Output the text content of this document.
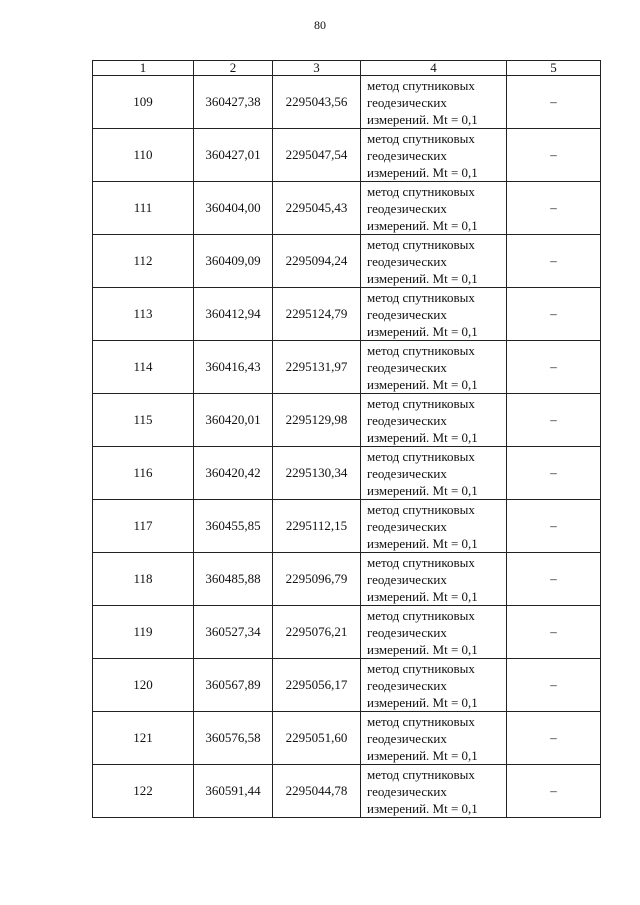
80
1	2	3	4	5
109	360427,38	2295043,56	метод спутниковых
геодезических
измерений. Mt = 0,1	–
110	360427,01	2295047,54	метод спутниковых
геодезических
измерений. Mt = 0,1	–
111	360404,00	2295045,43	метод спутниковых
геодезических
измерений. Mt = 0,1	–
112	360409,09	2295094,24	метод спутниковых
геодезических
измерений. Mt = 0,1	–
113	360412,94	2295124,79	метод спутниковых
геодезических
измерений. Mt = 0,1	–
114	360416,43	2295131,97	метод спутниковых
геодезических
измерений. Mt = 0,1	–
115	360420,01	2295129,98	метод спутниковых
геодезических
измерений. Mt = 0,1	–
116	360420,42	2295130,34	метод спутниковых
геодезических
измерений. Mt = 0,1	–
117	360455,85	2295112,15	метод спутниковых
геодезических
измерений. Mt = 0,1	–
118	360485,88	2295096,79	метод спутниковых
геодезических
измерений. Mt = 0,1	–
119	360527,34	2295076,21	метод спутниковых
геодезических
измерений. Mt = 0,1	–
120	360567,89	2295056,17	метод спутниковых
геодезических
измерений. Mt = 0,1	–
121	360576,58	2295051,60	метод спутниковых
геодезических
измерений. Mt = 0,1	–
122	360591,44	2295044,78	метод спутниковых
геодезических
измерений. Mt = 0,1	–
